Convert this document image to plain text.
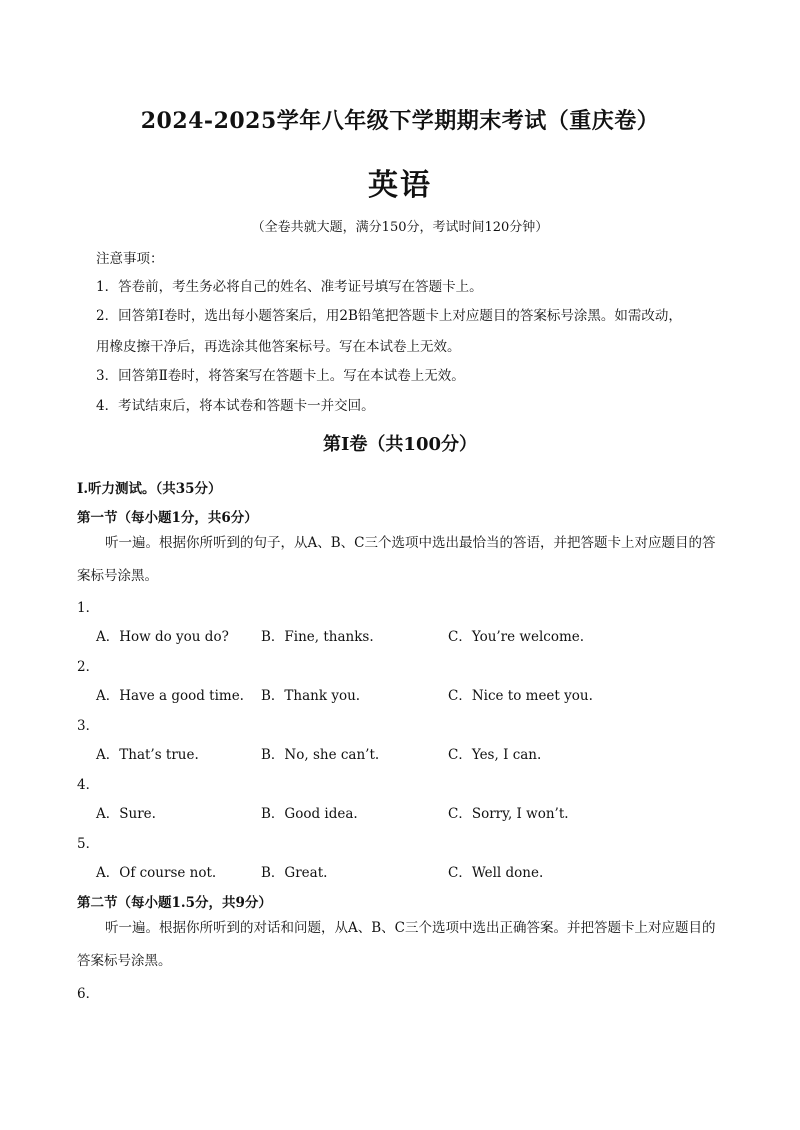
2024-2025学年八年级下学期期末考试（重庆卷）
英语
（全卷共就大题，满分150分，考试时间120分钟）
注意事项：
1．答卷前，考生务必将自己的姓名、准考证号填写在答题卡上。
2．回答第Ⅰ卷时，选出每小题答案后，用2B铅笔把答题卡上对应题目的答案标号涂黑。如需改动，
用橡皮擦干净后，再选涂其他答案标号。写在本试卷上无效。
3．回答第Ⅱ卷时，将答案写在答题卡上。写在本试卷上无效。
4．考试结束后，将本试卷和答题卡一并交回。
第I卷（共100分）
I.听力测试。（共35分）
第一节（每小题1分，共6分）
听一遍。根据你所听到的句子，从A、B、C三个选项中选出最恰当的答语，并把答题卡上对应题目的答案标号涂黑。
1．
A．How do you do? B．Fine, thanks.	C．You’re welcome.
2．
A．Have a good time. B．Thank you.	C．Nice to meet you.
3．
A．That’s true.	B．No, she can’t.	C．Yes, I can.
4．
A．Sure.	B．Good idea.	C．Sorry, I won’t.
5．
A．Of course not.	B．Great.	C．Well done.
第二节（每小题1.5分，共9分）
听一遍。根据你所听到的对话和问题，从A、B、C三个选项中选出正确答案。并把答题卡上对应题目的答案标号涂黑。
6．
